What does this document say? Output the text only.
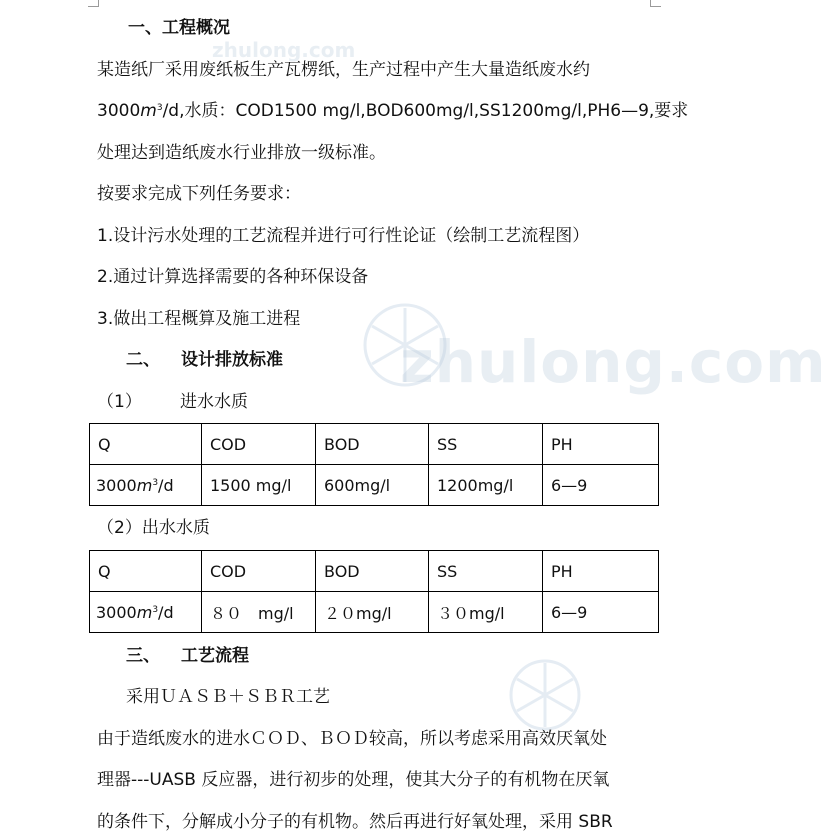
zhulong.com
zhulong.com
一、工程概况
某造纸厂采用废纸板生产瓦楞纸，生产过程中产生大量造纸废水约
$3000m^3/d$,水质：COD1500 mg/l,BOD600mg/l,SS1200mg/l,PH6—9,要求
处理达到造纸废水行业排放一级标准。
按要求完成下列任务要求：
1.设计污水处理的工艺流程并进行可行性论证（绘制工艺流程图）
2.通过计算选择需要的各种环保设备
3.做出工程概算及施工进程
二、 设计排放标准
（1） 进水水质
Q	COD	BOD	SS	PH
$3000m^3/d$	1500 mg/l	600mg/l	1200mg/l	6—9
（2）出水水质
Q	COD	BOD	SS	PH
$3000m^3/d$	８０　mg/l	２０mg/l	３０mg/l	6—9
三、 工艺流程
采用ＵＡＳＢ＋ＳＢＲ工艺
由于造纸废水的进水ＣＯＤ、ＢＯＤ较高，所以考虑采用高效厌氧处
理器---UASB 反应器，进行初步的处理，使其大分子的有机物在厌氧
的条件下，分解成小分子的有机物。然后再进行好氧处理，采用 SBR
